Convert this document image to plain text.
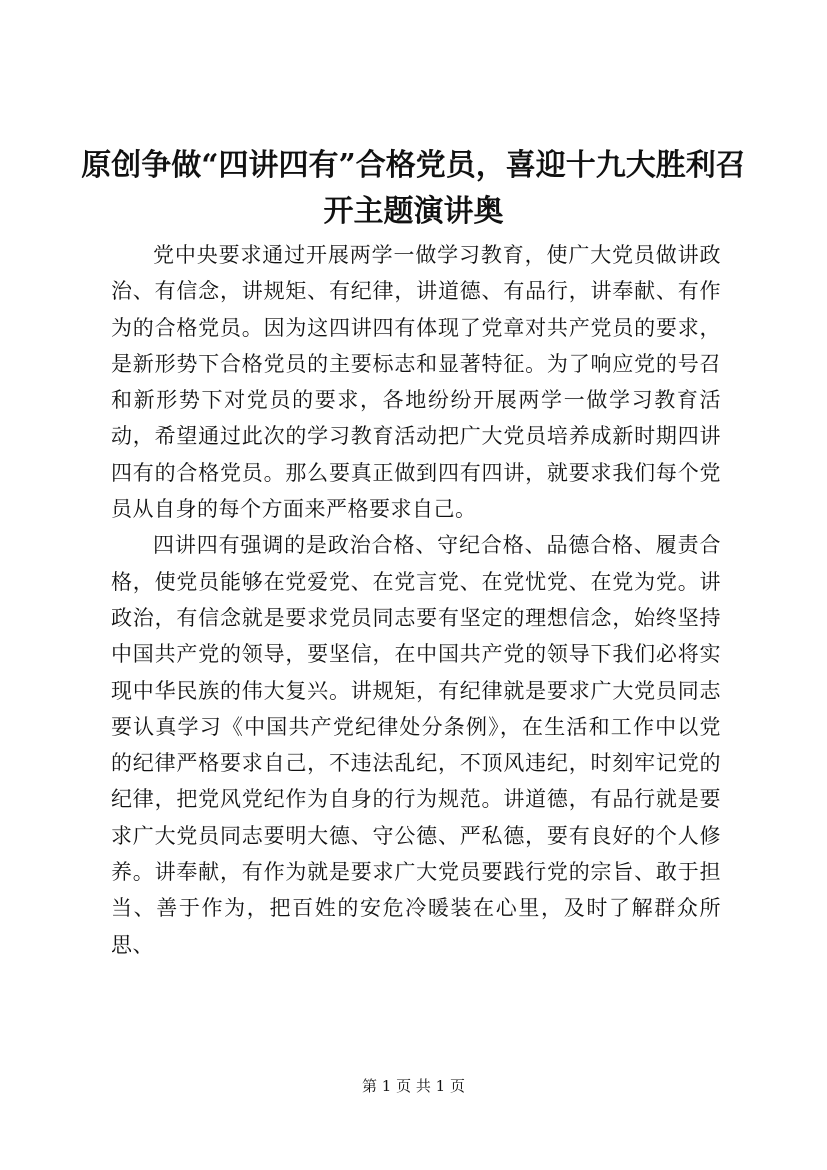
原创争做“四讲四有”合格党员，喜迎十九大胜利召开主题演讲奥

党中央要求通过开展两学一做学习教育，使广大党员做讲政治、有信念，讲规矩、有纪律，讲道德、有品行，讲奉献、有作为的合格党员。因为这四讲四有体现了党章对共产党员的要求，是新形势下合格党员的主要标志和显著特征。为了响应党的号召和新形势下对党员的要求，各地纷纷开展两学一做学习教育活动，希望通过此次的学习教育活动把广大党员培养成新时期四讲四有的合格党员。那么要真正做到四有四讲，就要求我们每个党员从自身的每个方面来严格要求自己。

四讲四有强调的是政治合格、守纪合格、品德合格、履责合格，使党员能够在党爱党、在党言党、在党忧党、在党为党。讲政治，有信念就是要求党员同志要有坚定的理想信念，始终坚持中国共产党的领导，要坚信，在中国共产党的领导下我们必将实现中华民族的伟大复兴。讲规矩，有纪律就是要求广大党员同志要认真学习《中国共产党纪律处分条例》，在生活和工作中以党的纪律严格要求自己，不违法乱纪，不顶风违纪，时刻牢记党的纪律，把党风党纪作为自身的行为规范。讲道德，有品行就是要求广大党员同志要明大德、守公德、严私德，要有良好的个人修养。讲奉献，有作为就是要求广大党员要践行党的宗旨、敢于担当、善于作为，把百姓的安危冷暖装在心里，及时了解群众所思、

第 1 页 共 1 页
